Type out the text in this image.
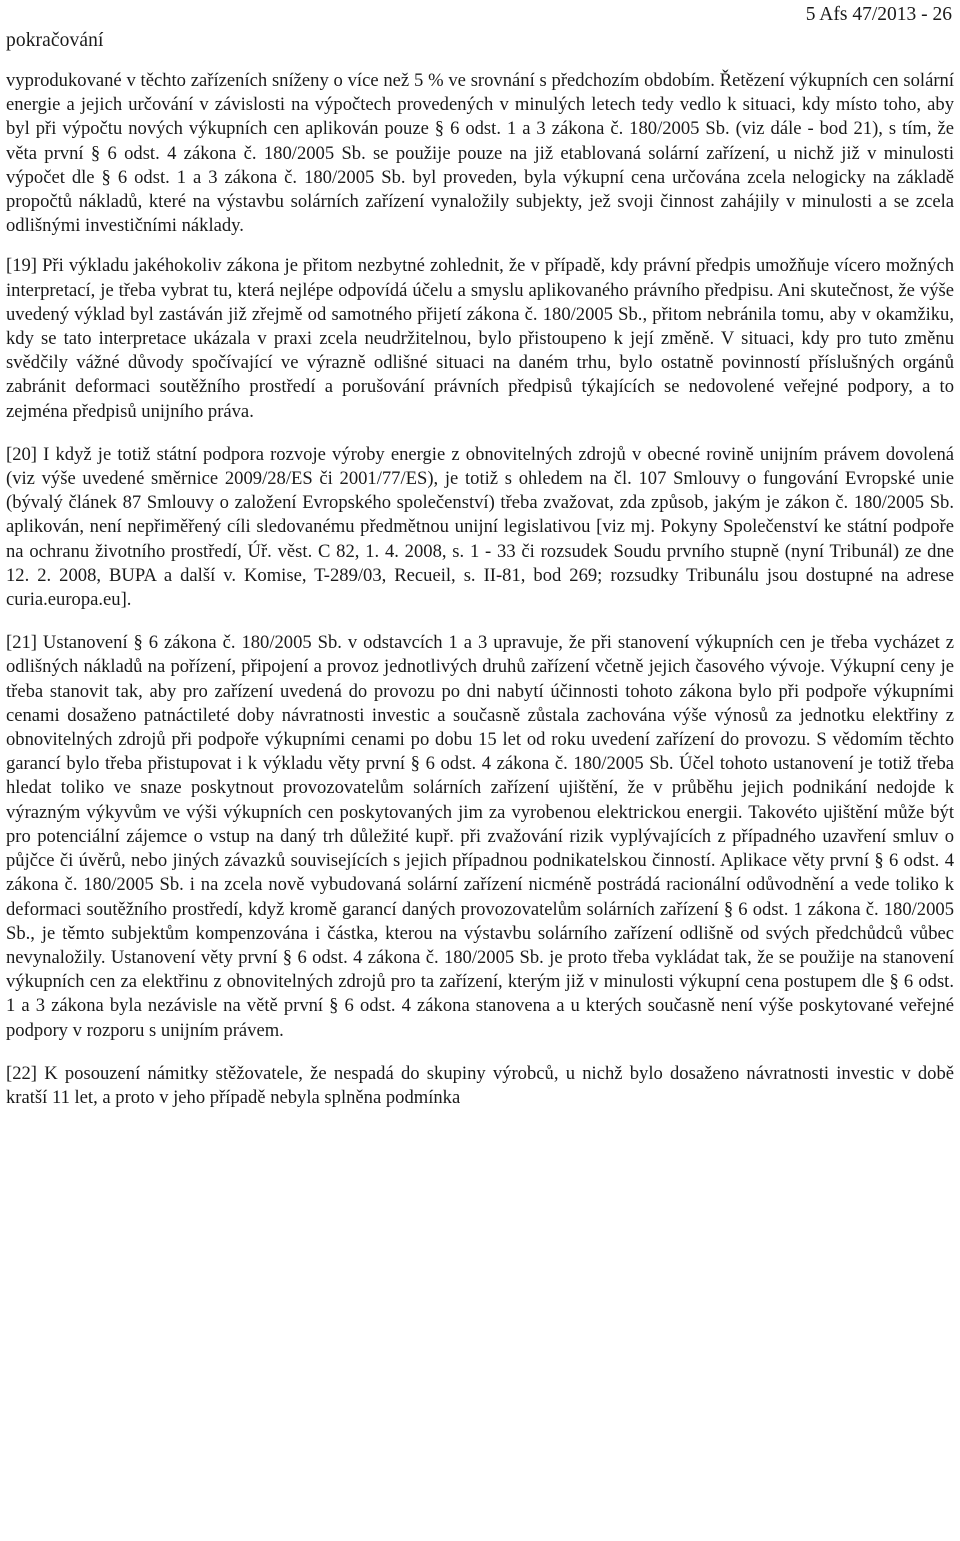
pokračování
5 Afs 47/2013 - 26

vyprodukované v těchto zařízeních sníženy o více než 5 % ve srovnání s předchozím obdobím. Řetězení výkupních cen solární energie a jejich určování v závislosti na výpočtech provedených v minulých letech tedy vedlo k situaci, kdy místo toho, aby byl při výpočtu nových výkupních cen aplikován pouze § 6 odst. 1 a 3 zákona č. 180/2005 Sb. (viz dále - bod 21), s tím, že věta první § 6 odst. 4 zákona č. 180/2005 Sb. se použije pouze na již etablovaná solární zařízení, u nichž již v minulosti výpočet dle § 6 odst. 1 a 3 zákona č. 180/2005 Sb. byl proveden, byla výkupní cena určována zcela nelogicky na základě propočtů nákladů, které na výstavbu solárních zařízení vynaložily subjekty, jež svoji činnost zahájily v minulosti a se zcela odlišnými investičními náklady.

[19] Při výkladu jakéhokoliv zákona je přitom nezbytné zohlednit, že v případě, kdy právní předpis umožňuje vícero možných interpretací, je třeba vybrat tu, která nejlépe odpovídá účelu a smyslu aplikovaného právního předpisu. Ani skutečnost, že výše uvedený výklad byl zastáván již zřejmě od samotného přijetí zákona č. 180/2005 Sb., přitom nebránila tomu, aby v okamžiku, kdy se tato interpretace ukázala v praxi zcela neudržitelnou, bylo přistoupeno k její změně. V situaci, kdy pro tuto změnu svědčily vážné důvody spočívající ve výrazně odlišné situaci na daném trhu, bylo ostatně povinností příslušných orgánů zabránit deformaci soutěžního prostředí a porušování právních předpisů týkajících se nedovolené veřejné podpory, a to zejména předpisů unijního práva.

[20] I když je totiž státní podpora rozvoje výroby energie z obnovitelných zdrojů v obecné rovině unijním právem dovolená (viz výše uvedené směrnice 2009/28/ES či 2001/77/ES), je totiž s ohledem na čl. 107 Smlouvy o fungování Evropské unie (bývalý článek 87 Smlouvy o založení Evropského společenství) třeba zvažovat, zda způsob, jakým je zákon č. 180/2005 Sb. aplikován, není nepřiměřený cíli sledovanému předmětnou unijní legislativou [viz mj. Pokyny Společenství ke státní podpoře na ochranu životního prostředí, Úř. věst. C 82, 1. 4. 2008, s. 1 - 33 či rozsudek Soudu prvního stupně (nyní Tribunál) ze dne 12. 2. 2008, BUPA a další v. Komise, T-289/03, Recueil, s. II-81, bod 269; rozsudky Tribunálu jsou dostupné na adrese curia.europa.eu].

[21] Ustanovení § 6 zákona č. 180/2005 Sb. v odstavcích 1 a 3 upravuje, že při stanovení výkupních cen je třeba vycházet z odlišných nákladů na pořízení, připojení a provoz jednotlivých druhů zařízení včetně jejich časového vývoje. Výkupní ceny je třeba stanovit tak, aby pro zařízení uvedená do provozu po dni nabytí účinnosti tohoto zákona bylo při podpoře výkupními cenami dosaženo patnáctileté doby návratnosti investic a současně zůstala zachována výše výnosů za jednotku elektřiny z obnovitelných zdrojů při podpoře výkupními cenami po dobu 15 let od roku uvedení zařízení do provozu. S vědomím těchto garancí bylo třeba přistupovat i k výkladu věty první § 6 odst. 4 zákona č. 180/2005 Sb. Účel tohoto ustanovení je totiž třeba hledat toliko ve snaze poskytnout provozovatelům solárních zařízení ujištění, že v průběhu jejich podnikání nedojde k výrazným výkyvům ve výši výkupních cen poskytovaných jim za vyrobenou elektrickou energii. Takovéto ujištění může být pro potenciální zájemce o vstup na daný trh důležité kupř. při zvažování rizik vyplývajících z případného uzavření smluv o půjčce či úvěrů, nebo jiných závazků souvisejících s jejich případnou podnikatelskou činností. Aplikace věty první § 6 odst. 4 zákona č. 180/2005 Sb. i na zcela nově vybudovaná solární zařízení nicméně postrádá racionální odůvodnění a vede toliko k deformaci soutěžního prostředí, když kromě garancí daných provozovatelům solárních zařízení § 6 odst. 1 zákona č. 180/2005 Sb., je těmto subjektům kompenzována i částka, kterou na výstavbu solárního zařízení odlišně od svých předchůdců vůbec nevynaložily. Ustanovení věty první § 6 odst. 4 zákona č. 180/2005 Sb. je proto třeba vykládat tak, že se použije na stanovení výkupních cen za elektřinu z obnovitelných zdrojů pro ta zařízení, kterým již v minulosti výkupní cena postupem dle § 6 odst. 1 a 3 zákona byla nezávisle na větě první § 6 odst. 4 zákona stanovena a u kterých současně není výše poskytované veřejné podpory v rozporu s unijním právem.

[22] K posouzení námitky stěžovatele, že nespadá do skupiny výrobců, u nichž bylo dosaženo návratnosti investic v době kratší 11 let, a proto v jeho případě nebyla splněna podmínka
